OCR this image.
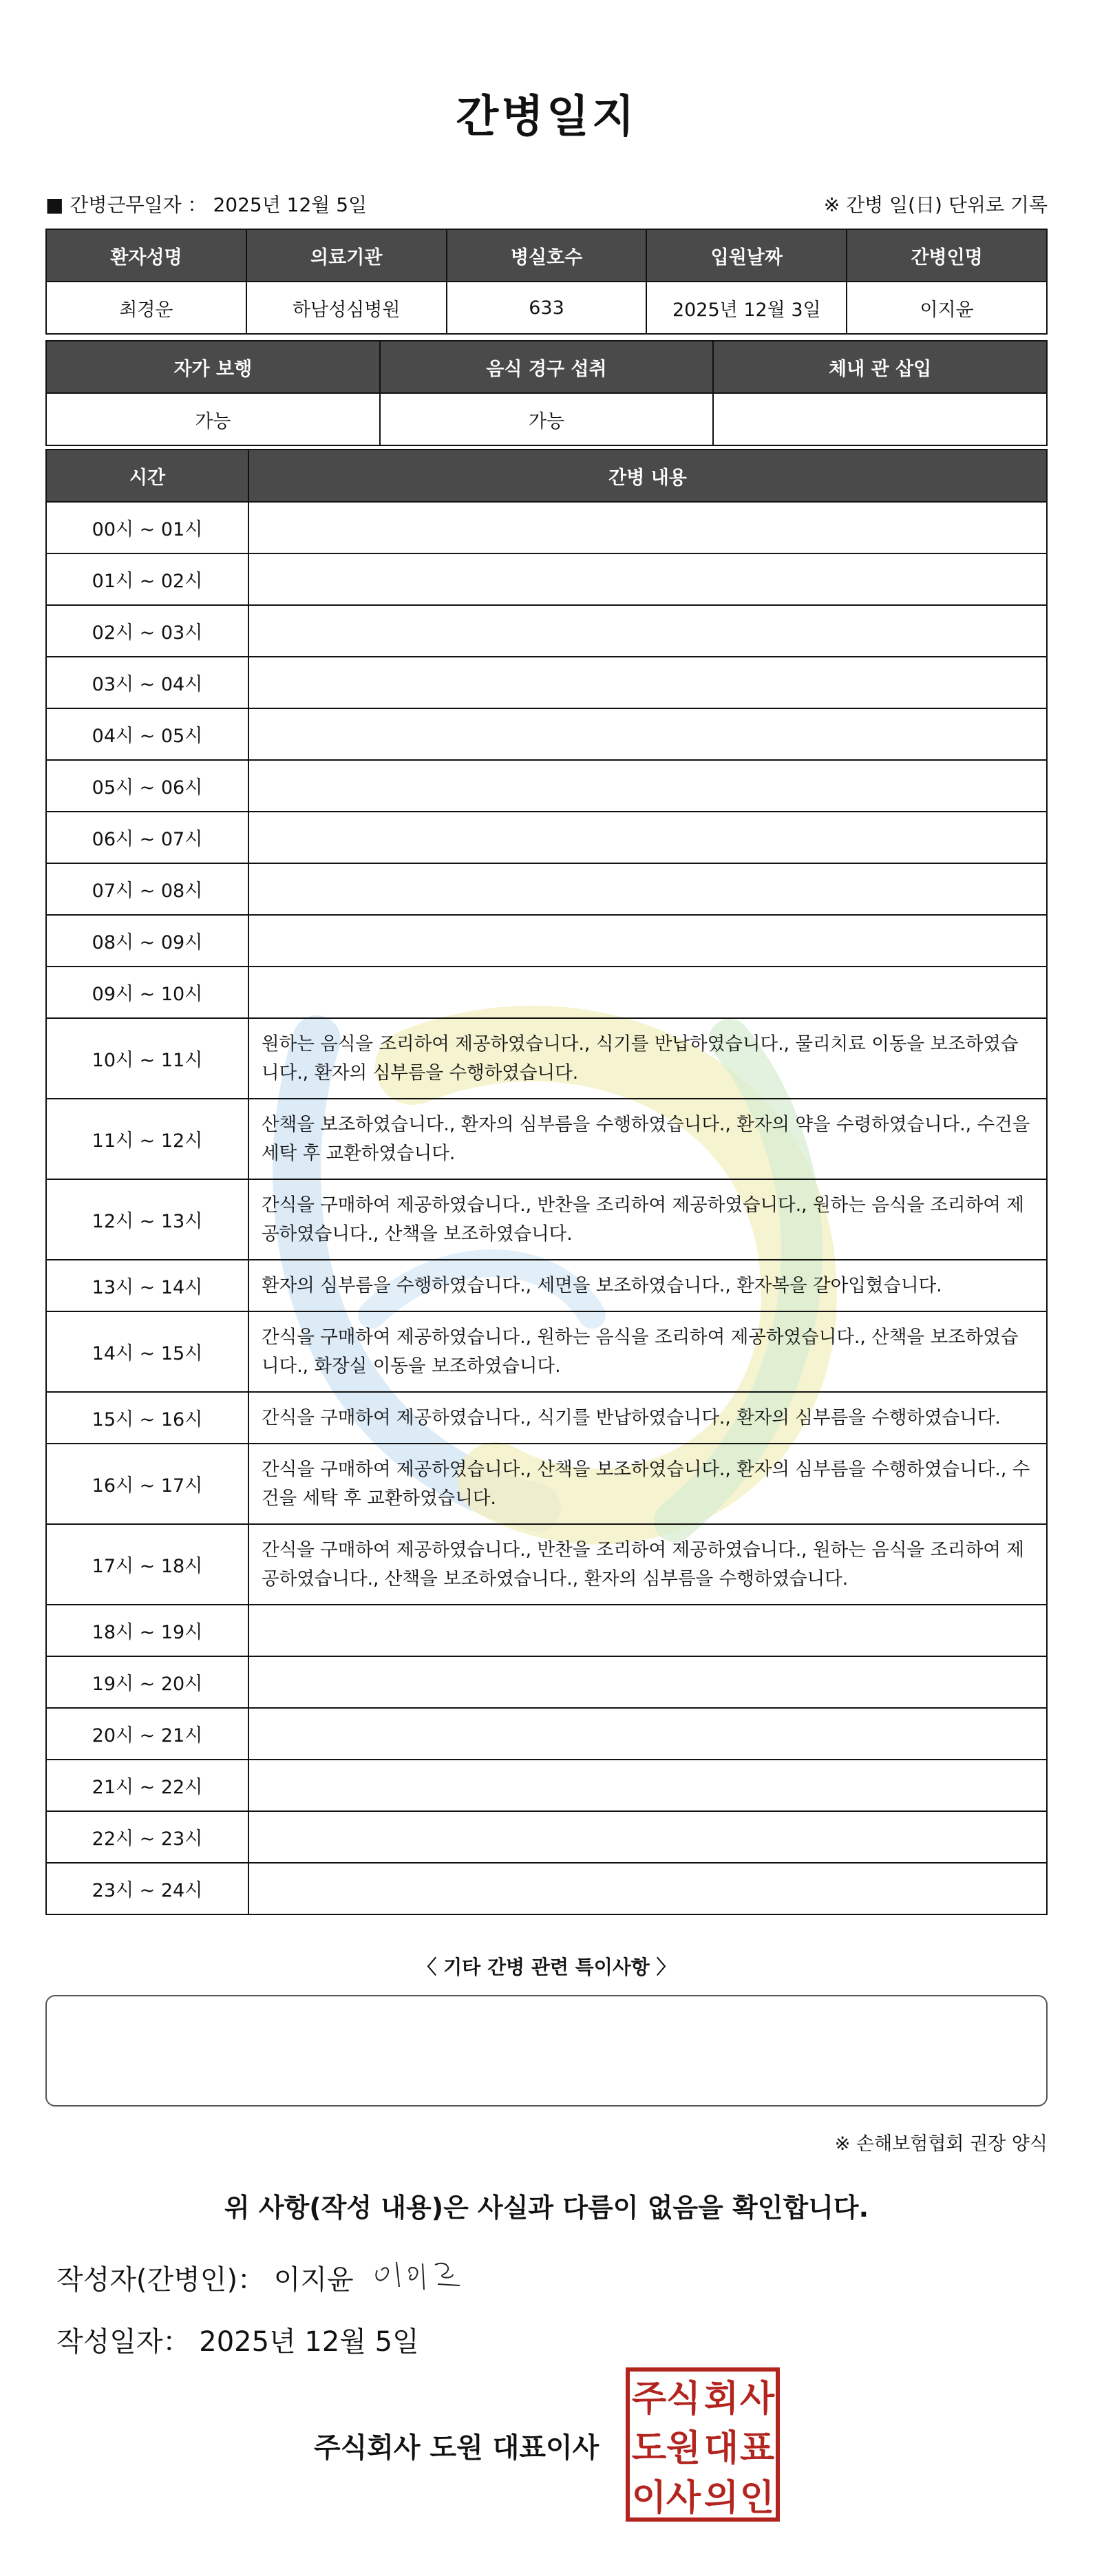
간병일지
■ 간병근무일자 ： 2025년 12월 5일	※ 간병 일(日) 단위로 기록
환자성명	의료기관	병실호수	입원날짜	간병인명
최경운	하남성심병원	633	2025년 12월 3일	이지윤
자가 보행	음식 경구 섭취	체내 관 삽입
가능	가능	
시간	간병 내용
00시 ~ 01시	
01시 ~ 02시	
02시 ~ 03시	
03시 ~ 04시	
04시 ~ 05시	
05시 ~ 06시	
06시 ~ 07시	
07시 ~ 08시	
08시 ~ 09시	
09시 ~ 10시	
10시 ~ 11시	원하는 음식을 조리하여 제공하였습니다., 식기를 반납하였습니다., 물리치료 이동을 보조하였습니다., 환자의 심부름을 수행하였습니다.
11시 ~ 12시	산책을 보조하였습니다., 환자의 심부름을 수행하였습니다., 환자의 약을 수령하였습니다., 수건을 세탁 후 교환하였습니다.
12시 ~ 13시	간식을 구매하여 제공하였습니다., 반찬을 조리하여 제공하였습니다., 원하는 음식을 조리하여 제공하였습니다., 산책을 보조하였습니다.
13시 ~ 14시	환자의 심부름을 수행하였습니다., 세면을 보조하였습니다., 환자복을 갈아입혔습니다.
14시 ~ 15시	간식을 구매하여 제공하였습니다., 원하는 음식을 조리하여 제공하였습니다., 산책을 보조하였습니다., 화장실 이동을 보조하였습니다.
15시 ~ 16시	간식을 구매하여 제공하였습니다., 식기를 반납하였습니다., 환자의 심부름을 수행하였습니다.
16시 ~ 17시	간식을 구매하여 제공하였습니다., 산책을 보조하였습니다., 환자의 심부름을 수행하였습니다., 수건을 세탁 후 교환하였습니다.
17시 ~ 18시	간식을 구매하여 제공하였습니다., 반찬을 조리하여 제공하였습니다., 원하는 음식을 조리하여 제공하였습니다., 산책을 보조하였습니다., 환자의 심부름을 수행하였습니다.
18시 ~ 19시	
19시 ~ 20시	
20시 ~ 21시	
21시 ~ 22시	
22시 ~ 23시	
23시 ~ 24시	
〈 기타 간병 관련 특이사항 〉
※ 손해보험협회 권장 양식
위 사항(작성 내용)은 사실과 다름이 없음을 확인합니다.
작성자(간병인)： 이지윤
작성일자： 2025년 12월 5일
주식회사 도원 대표이사
주 식 회 사
도 원 대 표
이 사 의 인
